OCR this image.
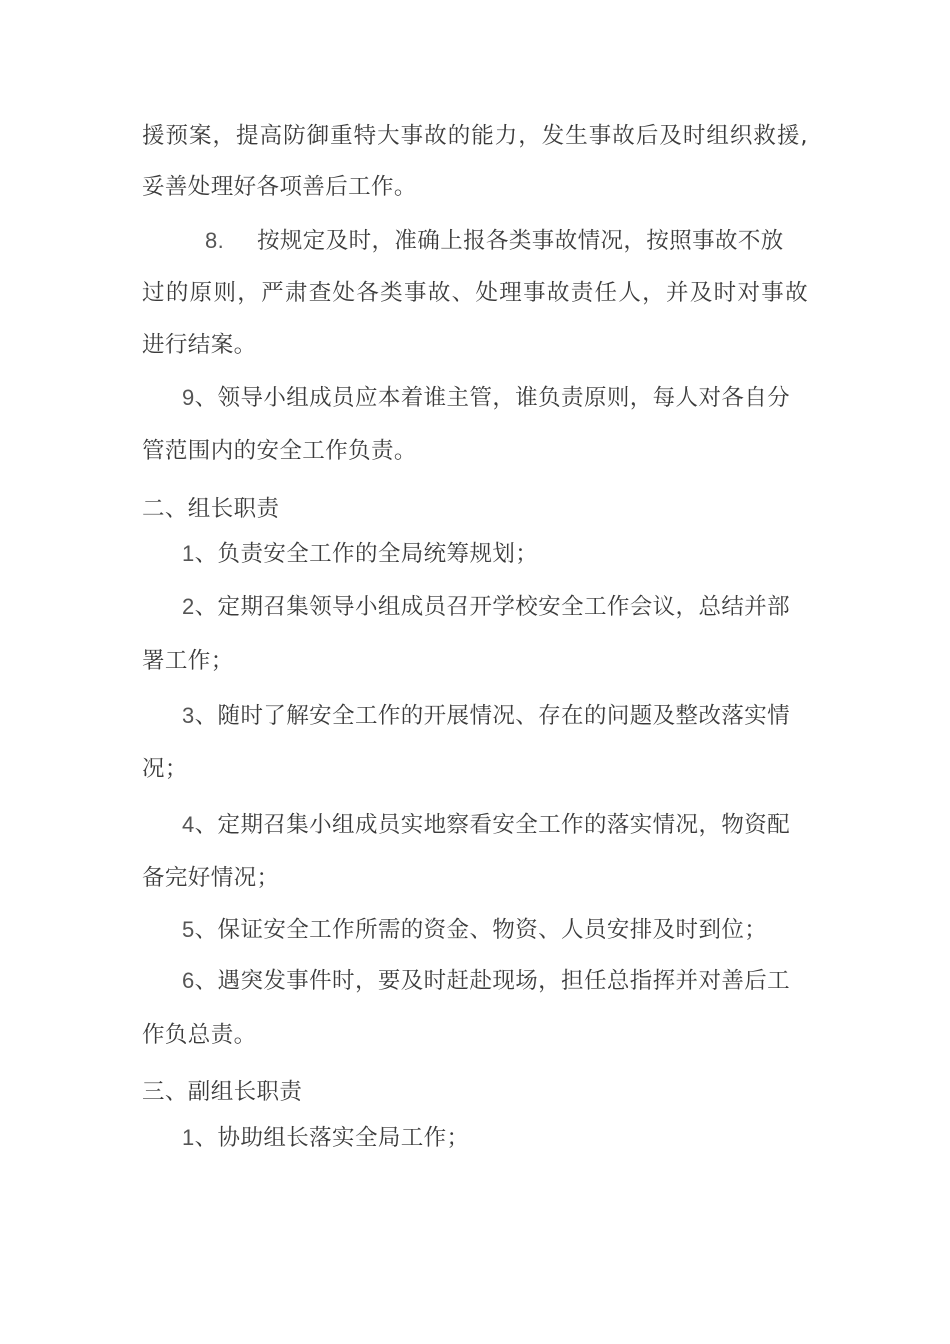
援预案，提高防御重特大事故的能力，发生事故后及时组织救援,
妥善处理好各项善后工作。
8. 按规定及时，准确上报各类事故情况，按照事故不放
过的原则，严肃查处各类事故、处理事故责任人，并及时对事故
进行结案。
9、领导小组成员应本着谁主管，谁负责原则，每人对各自分
管范围内的安全工作负责。
二、组长职责
1、负责安全工作的全局统筹规划；
2、定期召集领导小组成员召开学校安全工作会议，总结并部
署工作；
3、随时了解安全工作的开展情况、存在的问题及整改落实情
况；
4、定期召集小组成员实地察看安全工作的落实情况，物资配
备完好情况；
5、保证安全工作所需的资金、物资、人员安排及时到位；
6、遇突发事件时，要及时赶赴现场，担任总指挥并对善后工
作负总责。
三、副组长职责
1、协助组长落实全局工作；
